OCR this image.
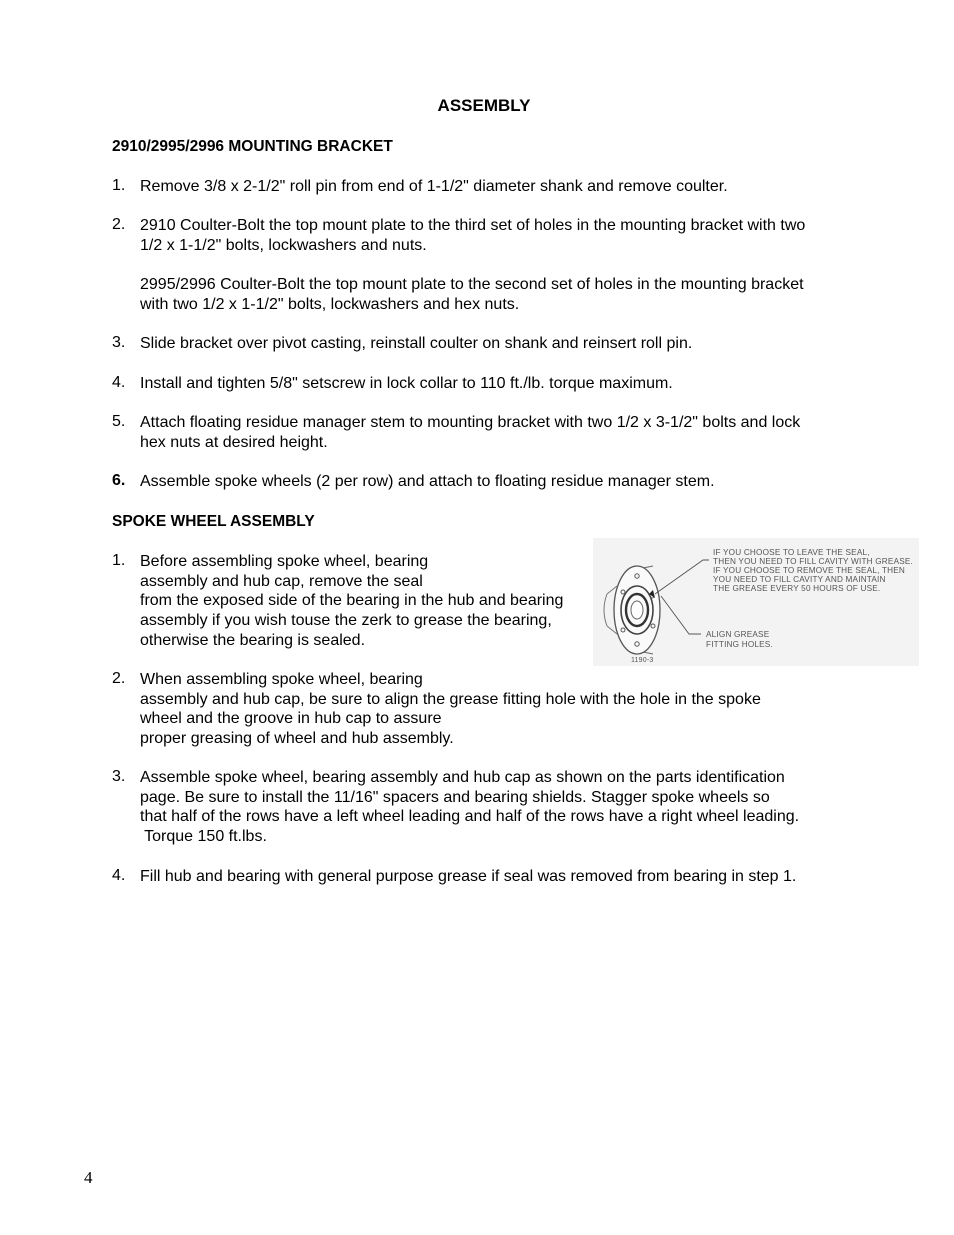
ASSEMBLY
2910/2995/2996 MOUNTING BRACKET
1. Remove 3/8 x 2-1/2" roll pin from end of 1-1/2" diameter shank and remove coulter.
2. 2910 Coulter-Bolt the top mount plate to the third set of holes in the mounting bracket with two
1/2 x 1-1/2" bolts, lockwashers and nuts.
2995/2996 Coulter-Bolt the top mount plate to the second set of holes in the mounting bracket
with two 1/2 x 1-1/2" bolts, lockwashers and hex nuts.
3. Slide bracket over pivot casting, reinstall coulter on shank and reinsert roll pin.
4. Install and tighten 5/8" setscrew in lock collar to 110 ft./lb. torque maximum.
5. Attach floating residue manager stem to mounting bracket with two 1/2 x 3-1/2" bolts and lock
hex nuts at desired height.
6. Assemble spoke wheels (2 per row) and attach to floating residue manager stem.
SPOKE WHEEL ASSEMBLY
1. Before assembling spoke wheel, bearing
assembly and hub cap, remove the seal
from the exposed side of the bearing in the hub and bearing
assembly if you wish touse the zerk to grease the bearing,
otherwise the bearing is sealed.
2. When assembling spoke wheel, bearing
assembly and hub cap, be sure to align the grease fitting hole with the hole in the spoke
wheel and the groove in hub cap to assure
proper greasing of wheel and hub assembly.
3. Assemble spoke wheel, bearing assembly and hub cap as shown on the parts identification
page. Be sure to install the 11/16" spacers and bearing shields. Stagger spoke wheels so
that half of the rows have a left wheel leading and half of the rows have a right wheel leading.
Torque 150 ft.lbs.
4. Fill hub and bearing with general purpose grease if seal was removed from bearing in step 1.
IF YOU CHOOSE TO LEAVE THE SEAL,
THEN YOU NEED TO FILL CAVITY WITH GREASE.
IF YOU CHOOSE TO REMOVE THE SEAL, THEN
YOU NEED TO FILL CAVITY AND MAINTAIN
THE GREASE EVERY 50 HOURS OF USE.
ALIGN GREASE
FITTING HOLES.
1190-3
4
